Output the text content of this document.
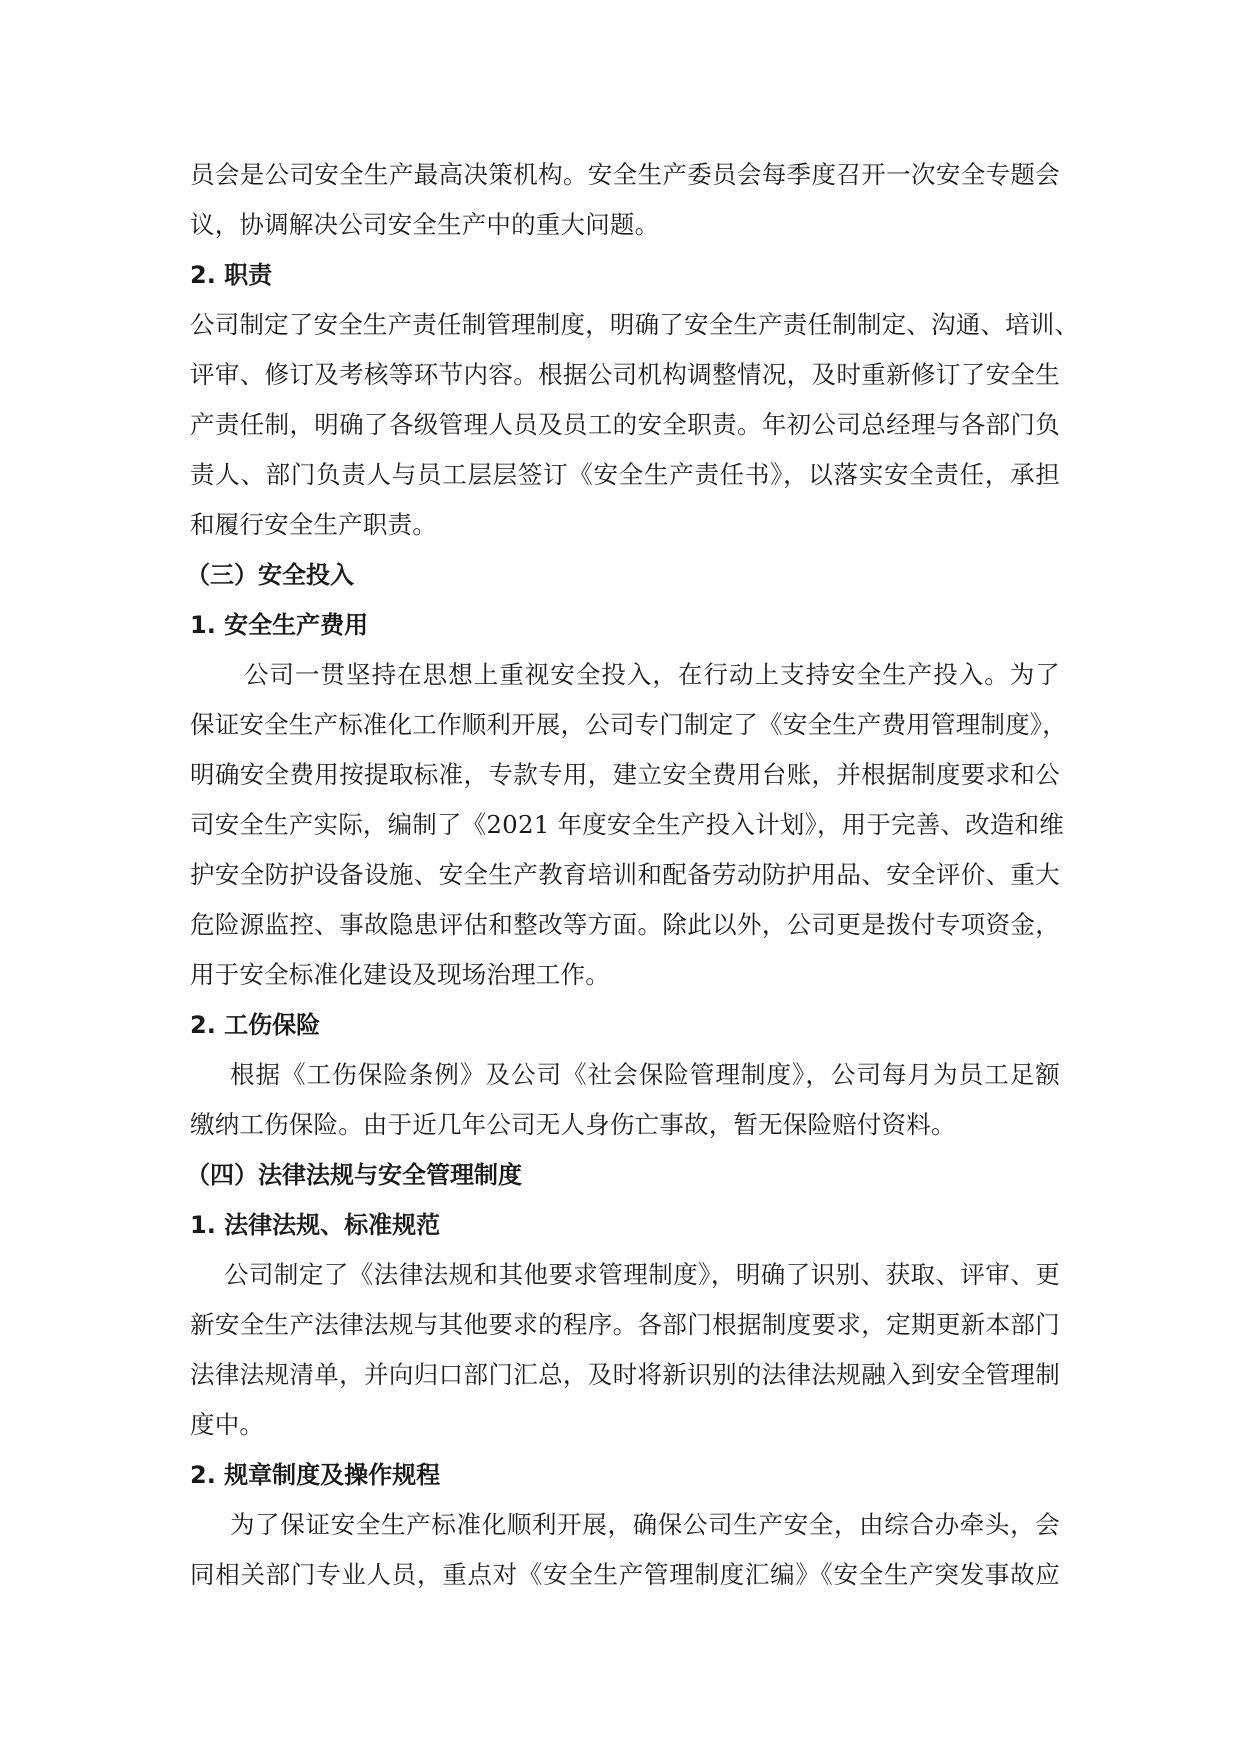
员会是公司安全生产最高决策机构。安全生产委员会每季度召开一次安全专题会
议，协调解决公司安全生产中的重大问题。
2. 职责
公司制定了安全生产责任制管理制度，明确了安全生产责任制制定、沟通、培训、
评审、修订及考核等环节内容。根据公司机构调整情况，及时重新修订了安全生
产责任制，明确了各级管理人员及员工的安全职责。年初公司总经理与各部门负
责人、部门负责人与员工层层签订《安全生产责任书》，以落实安全责任，承担
和履行安全生产职责。
（三）安全投入
1. 安全生产费用
公司一贯坚持在思想上重视安全投入，在行动上支持安全生产投入。为了
保证安全生产标准化工作顺利开展，公司专门制定了《安全生产费用管理制度》，
明确安全费用按提取标准，专款专用，建立安全费用台账，并根据制度要求和公
司安全生产实际，编制了《2021 年度安全生产投入计划》，用于完善、改造和维
护安全防护设备设施、安全生产教育培训和配备劳动防护用品、安全评价、重大
危险源监控、事故隐患评估和整改等方面。除此以外，公司更是拨付专项资金，
用于安全标准化建设及现场治理工作。
2. 工伤保险
根据《工伤保险条例》及公司《社会保险管理制度》，公司每月为员工足额
缴纳工伤保险。由于近几年公司无人身伤亡事故，暂无保险赔付资料。
（四）法律法规与安全管理制度
1. 法律法规、标准规范
公司制定了《法律法规和其他要求管理制度》，明确了识别、获取、评审、更
新安全生产法律法规与其他要求的程序。各部门根据制度要求，定期更新本部门
法律法规清单，并向归口部门汇总，及时将新识别的法律法规融入到安全管理制
度中。
2. 规章制度及操作规程
为了保证安全生产标准化顺利开展，确保公司生产安全，由综合办牵头，会
同相关部门专业人员，重点对《安全生产管理制度汇编》《安全生产突发事故应
